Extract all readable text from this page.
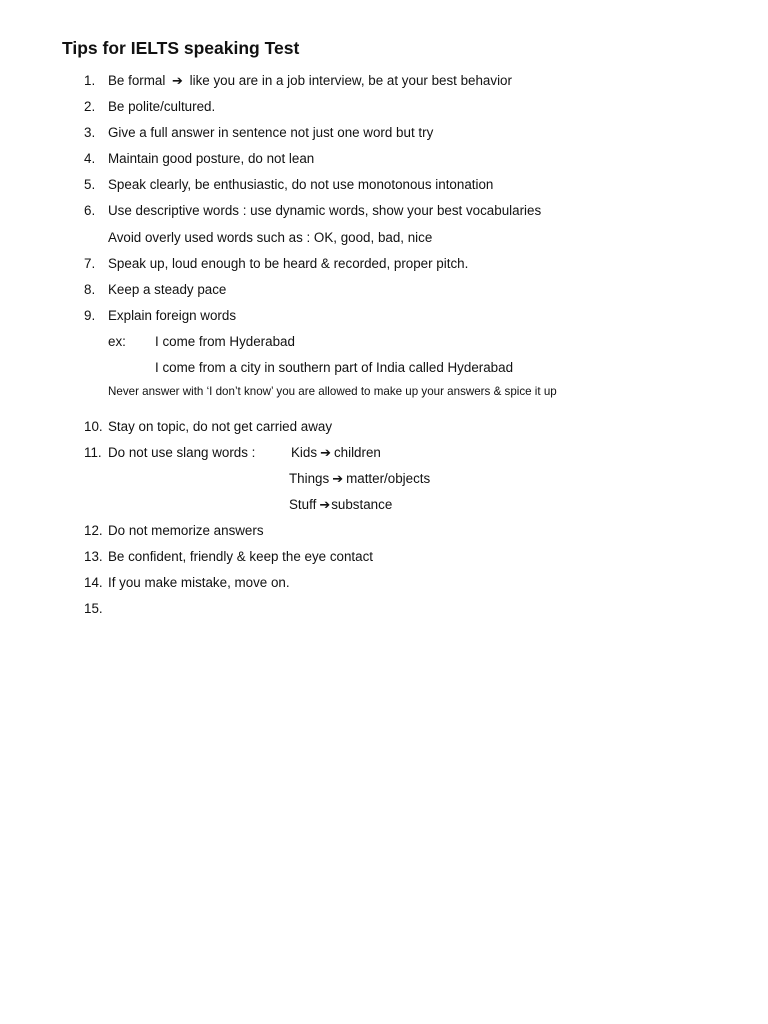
Tips for IELTS speaking Test
1. Be formal ➔ like you are in a job interview, be at your best behavior
2. Be polite/cultured.
3. Give a full answer in sentence not just one word but try
4. Maintain good posture, do not lean
5. Speak clearly, be enthusiastic, do not use monotonous intonation
6. Use descriptive words : use dynamic words, show your best vocabularies
Avoid overly used words such as : OK, good, bad, nice
7. Speak up, loud enough to be heard & recorded, proper pitch.
8. Keep a steady pace
9. Explain foreign words
ex: I come from Hyderabad
I come from a city in southern part of India called Hyderabad
Never answer with ‘I don’t know’ you are allowed to make up your answers & spice it up
10. Stay on topic, do not get carried away
11. Do not use slang words :	Kids ➔ children
Things ➔ matter/objects
Stuff ➔substance
12. Do not memorize answers
13. Be confident, friendly & keep the eye contact
14. If you make mistake, move on.
15.
